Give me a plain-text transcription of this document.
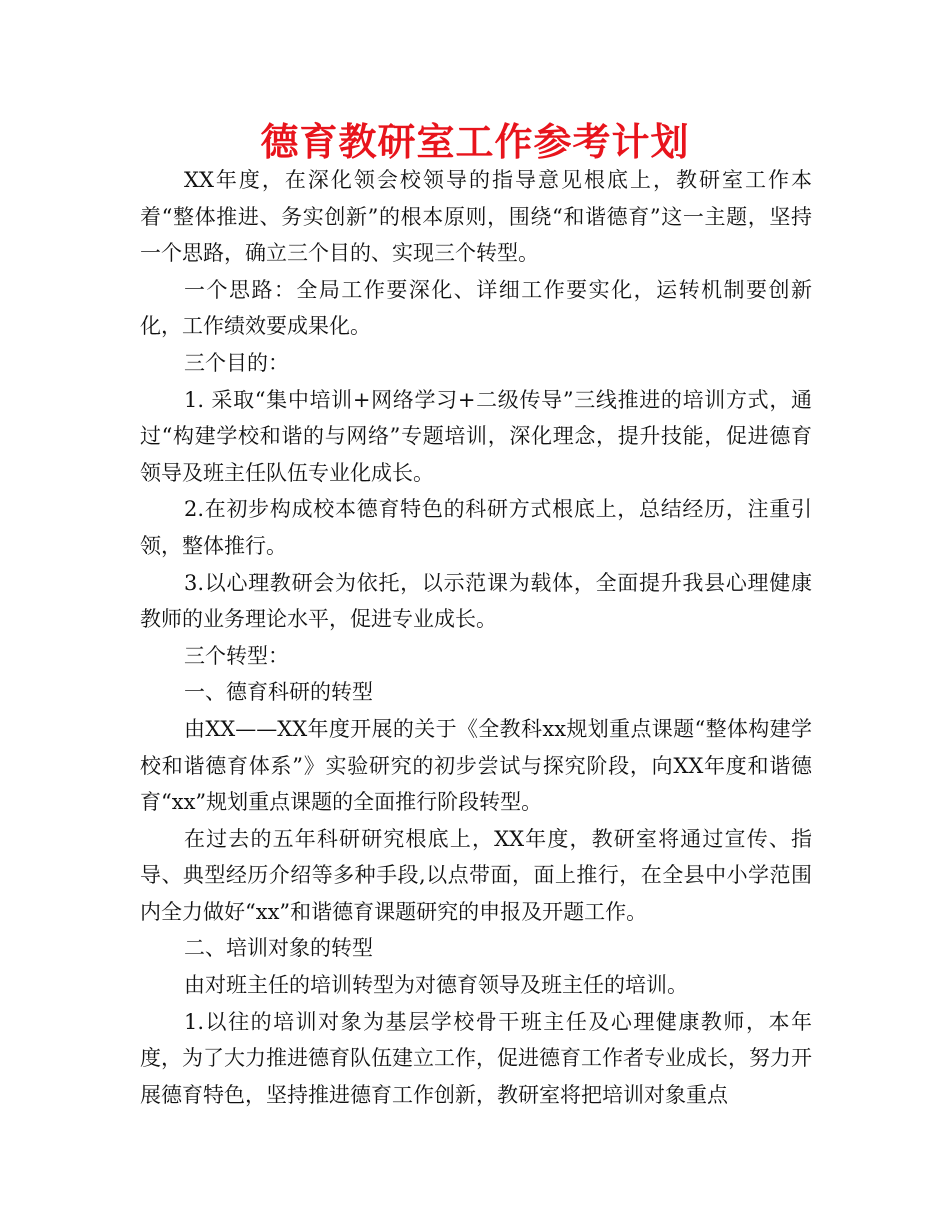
德育教研室工作参考计划

XX年度，在深化领会校领导的指导意见根底上，教研室工作本着“整体推进、务实创新”的根本原则，围绕“和谐德育”这一主题，坚持一个思路，确立三个目的、实现三个转型。

一个思路：全局工作要深化、详细工作要实化，运转机制要创新化，工作绩效要成果化。

三个目的：

1. 采取“集中培训+网络学习+二级传导”三线推进的培训方式，通过“构建学校和谐的与网络”专题培训，深化理念，提升技能，促进德育领导及班主任队伍专业化成长。

2.在初步构成校本德育特色的科研方式根底上，总结经历，注重引领，整体推行。

3.以心理教研会为依托，以示范课为载体，全面提升我县心理健康教师的业务理论水平，促进专业成长。

三个转型：

一、德育科研的转型

由XX——XX年度开展的关于《全教科xx规划重点课题“整体构建学校和谐德育体系”》实验研究的初步尝试与探究阶段，向XX年度和谐德育“xx”规划重点课题的全面推行阶段转型。

在过去的五年科研研究根底上，XX年度，教研室将通过宣传、指导、典型经历介绍等多种手段,以点带面，面上推行，在全县中小学范围内全力做好“xx”和谐德育课题研究的申报及开题工作。

二、培训对象的转型

由对班主任的培训转型为对德育领导及班主任的培训。

1.以往的培训对象为基层学校骨干班主任及心理健康教师，本年度，为了大力推进德育队伍建立工作，促进德育工作者专业成长，努力开展德育特色，坚持推进德育工作创新，教研室将把培训对象重点
